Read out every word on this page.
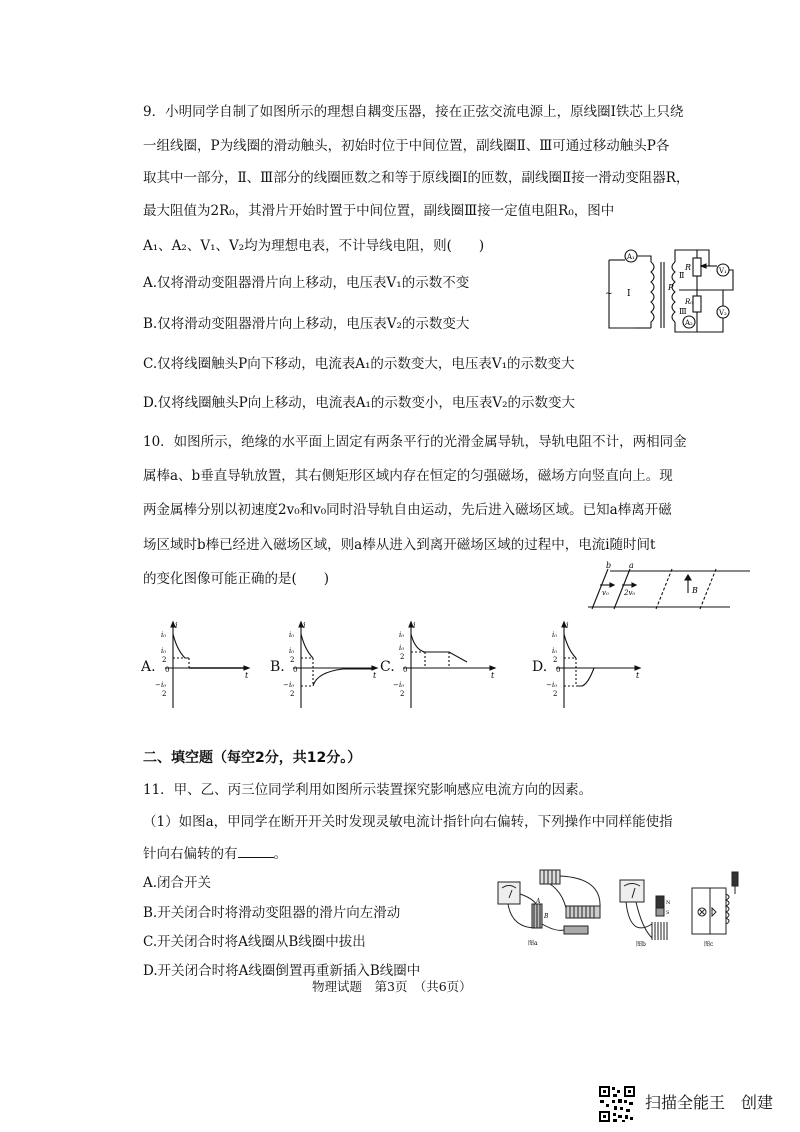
9．小明同学自制了如图所示的理想自耦变压器，接在正弦交流电源上，原线圈Ⅰ铁芯上只绕
一组线圈，P为线圈的滑动触头，初始时位于中间位置，副线圈Ⅱ、Ⅲ可通过移动触头P各
取其中一部分，Ⅱ、Ⅲ部分的线圈匝数之和等于原线圈Ⅰ的匝数，副线圈Ⅱ接一滑动变阻器R，
最大阻值为2R₀，其滑片开始时置于中间位置，副线圈Ⅲ接一定值电阻R₀，图中
A₁、A₂、V₁、V₂均为理想电表，不计导线电阻，则(　　)
A.仅将滑动变阻器滑片向上移动，电压表V₁的示数不变
B.仅将滑动变阻器滑片向上移动，电压表V₂的示数变大
C.仅将线圈触头P向下移动，电流表A₁的示数变大，电压表V₁的示数变大
D.仅将线圈触头P向上移动，电流表A₁的示数变小，电压表V₂的示数变大
A₁
A₂
V₁
V₂
Ⅰ
Ⅱ
Ⅲ
P
R
R₀
~
10．如图所示，绝缘的水平面上固定有两条平行的光滑金属导轨，导轨电阻不计，两相同金
属棒a、b垂直导轨放置，其右侧矩形区域内存在恒定的匀强磁场，磁场方向竖直向上。现
两金属棒分别以初速度2v₀和v₀同时沿导轨自由运动，先后进入磁场区域。已知a棒离开磁
场区域时b棒已经进入磁场区域，则a棒从进入到离开磁场区域的过程中，电流i随时间t
的变化图像可能正确的是(　　)
b a
v₀ 2v₀	B
A.	B.	C.	D.
i
t
0
i₀
i₀
2
− i₀
2
i
t
0
i₀
i₀
2
− i₀
2
i
t
0
i₀
i₀
2
− i₀
2
i
t
0
i₀
i₀
2
− i₀
2
二、填空题（每空2分，共12分。）
11．甲、乙、丙三位同学利用如图所示装置探究影响感应电流方向的因素。
（1）如图a，甲同学在断开开关时发现灵敏电流计指针向右偏转，下列操作中同样能使指
针向右偏转的有	。
A.闭合开关
B.开关闭合时将滑动变阻器的滑片向左滑动
C.开关闭合时将A线圈从B线圈中拔出
D.开关闭合时将A线圈倒置再重新插入B线圈中
图a
A
B
图b
N
S
图c
物理试题　第3页　（共6页）
扫描全能王　创建
